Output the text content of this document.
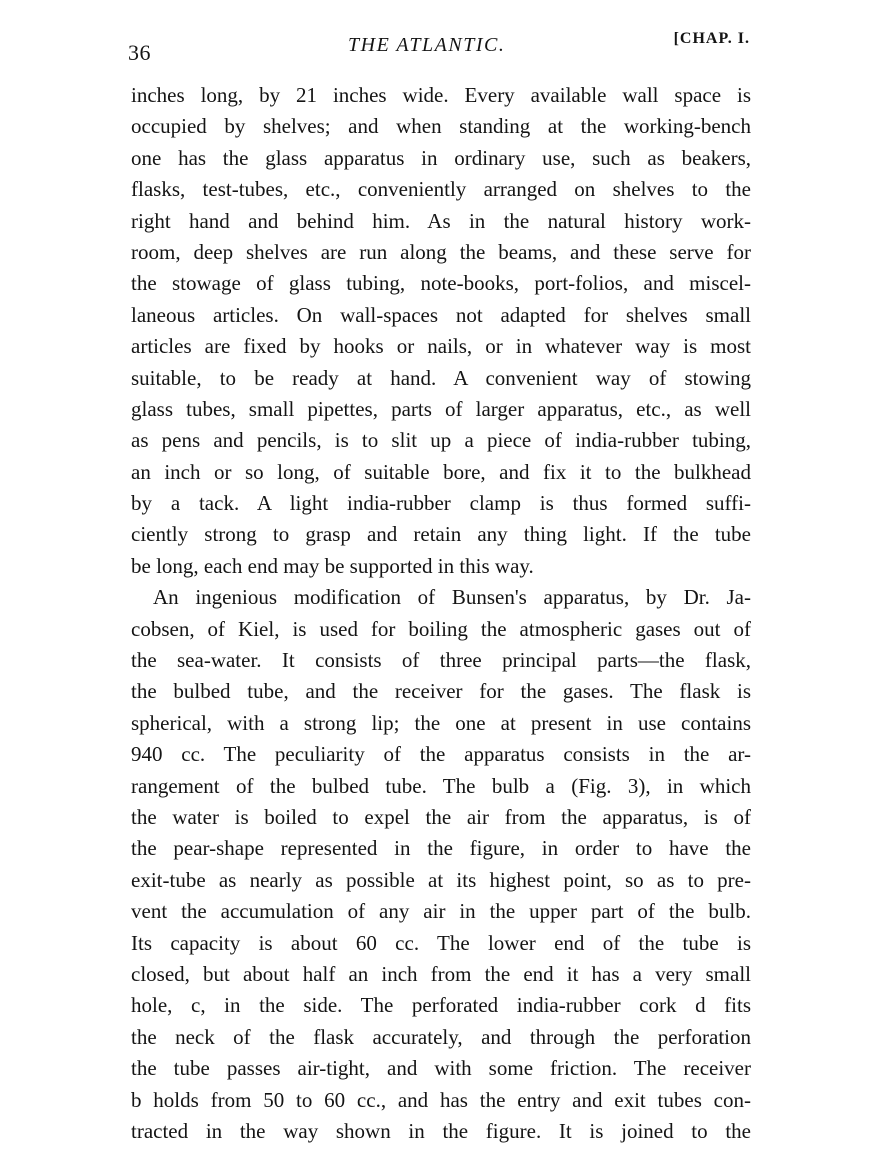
36	THE ATLANTIC.	[CHAP. I.
inches long, by 21 inches wide. Every available wall space is
occupied by shelves; and when standing at the working-bench
one has the glass apparatus in ordinary use, such as beakers,
flasks, test-tubes, etc., conveniently arranged on shelves to the
right hand and behind him. As in the natural history work-
room, deep shelves are run along the beams, and these serve for
the stowage of glass tubing, note-books, port-folios, and miscel-
laneous articles. On wall-spaces not adapted for shelves small
articles are fixed by hooks or nails, or in whatever way is most
suitable, to be ready at hand. A convenient way of stowing
glass tubes, small pipettes, parts of larger apparatus, etc., as well
as pens and pencils, is to slit up a piece of india-rubber tubing,
an inch or so long, of suitable bore, and fix it to the bulkhead
by a tack. A light india-rubber clamp is thus formed suffi-
ciently strong to grasp and retain any thing light. If the tube
be long, each end may be supported in this way.
An ingenious modification of Bunsen's apparatus, by Dr. Ja-
cobsen, of Kiel, is used for boiling the atmospheric gases out of
the sea-water. It consists of three principal parts—the flask,
the bulbed tube, and the receiver for the gases. The flask is
spherical, with a strong lip; the one at present in use contains
940 cc. The peculiarity of the apparatus consists in the ar-
rangement of the bulbed tube. The bulb a (Fig. 3), in which
the water is boiled to expel the air from the apparatus, is of
the pear-shape represented in the figure, in order to have the
exit-tube as nearly as possible at its highest point, so as to pre-
vent the accumulation of any air in the upper part of the bulb.
Its capacity is about 60 cc. The lower end of the tube is
closed, but about half an inch from the end it has a very small
hole, c, in the side. The perforated india-rubber cork d fits
the neck of the flask accurately, and through the perforation
the tube passes air-tight, and with some friction. The receiver
b holds from 50 to 60 cc., and has the entry and exit tubes con-
tracted in the way shown in the figure. It is joined to the
